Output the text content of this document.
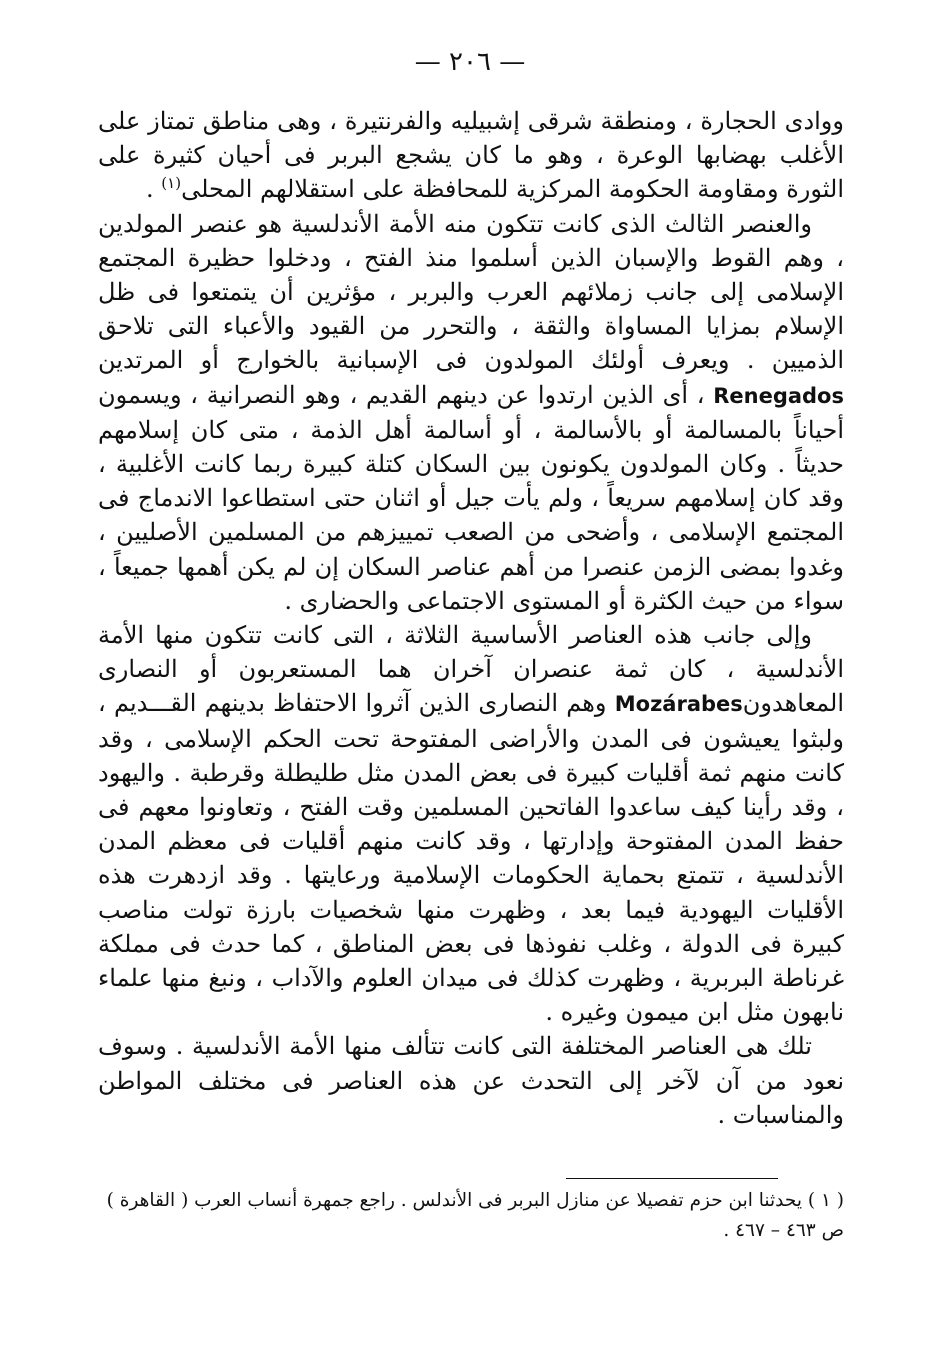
— ٢٠٦ —

ووادى الحجارة ، ومنطقة شرقى إشبيليه والفرنتيرة ، وهى مناطق تمتاز على الأغلب بهضابها الوعرة ، وهو ما كان يشجع البربر فى أحيان كثيرة على الثورة ومقاومة الحكومة المركزية للمحافظة على استقلالهم المحلى$^{(١)}$ .

والعنصر الثالث الذى كانت تتكون منه الأمة الأندلسية هو عنصر المولدين ، وهم القوط والإسبان الذين أسلموا منذ الفتح ، ودخلوا حظيرة المجتمع الإسلامى إلى جانب زملائهم العرب والبربر ، مؤثرين أن يتمتعوا فى ظل الإسلام بمزايا المساواة والثقة ، والتحرر من القيود والأعباء التى تلاحق الذميين . ويعرف أولئك المولدون فى الإسبانية بالخوارج أو المرتدين Renegados ، أى الذين ارتدوا عن دينهم القديم ، وهو النصرانية ، ويسمون أحياناً بالمسالمة أو بالأسالمة ، أو أسالمة أهل الذمة ، متى كان إسلامهم حديثاً . وكان المولدون يكونون بين السكان كتلة كبيرة ربما كانت الأغلبية ، وقد كان إسلامهم سريعاً ، ولم يأت جيل أو اثنان حتى استطاعوا الاندماج فى المجتمع الإسلامى ، وأضحى من الصعب تمييزهم من المسلمين الأصليين ، وغدوا بمضى الزمن عنصرا من أهم عناصر السكان إن لم يكن أهمها جميعاً ، سواء من حيث الكثرة أو المستوى الاجتماعى والحضارى .

وإلى جانب هذه العناصر الأساسية الثلاثة ، التى كانت تتكون منها الأمة الأندلسية ، كان ثمة عنصران آخران هما المستعربون أو النصارى المعاهدونMozárabes وهم النصارى الذين آثروا الاحتفاظ بدينهم القـــديم ، ولبثوا يعيشون فى المدن والأراضى المفتوحة تحت الحكم الإسلامى ، وقد كانت منهم ثمة أقليات كبيرة فى بعض المدن مثل طليطلة وقرطبة . واليهود ، وقد رأينا كيف ساعدوا الفاتحين المسلمين وقت الفتح ، وتعاونوا معهم فى حفظ المدن المفتوحة وإدارتها ، وقد كانت منهم أقليات فى معظم المدن الأندلسية ، تتمتع بحماية الحكومات الإسلامية ورعايتها . وقد ازدهرت هذه الأقليات اليهودية فيما بعد ، وظهرت منها شخصيات بارزة تولت مناصب كبيرة فى الدولة ، وغلب نفوذها فى بعض المناطق ، كما حدث فى مملكة غرناطة البربرية ، وظهرت كذلك فى ميدان العلوم والآداب ، ونبغ منها علماء نابهون مثل ابن ميمون وغيره .

تلك هى العناصر المختلفة التى كانت تتألف منها الأمة الأندلسية . وسوف نعود من آن لآخر إلى التحدث عن هذه العناصر فى مختلف المواطن والمناسبات .

( ١ ) يحدثنا ابن حزم تفصيلا عن منازل البربر فى الأندلس . راجع جمهرة أنساب العرب ( القاهرة ) ص ٤٦٣ – ٤٦٧ .
